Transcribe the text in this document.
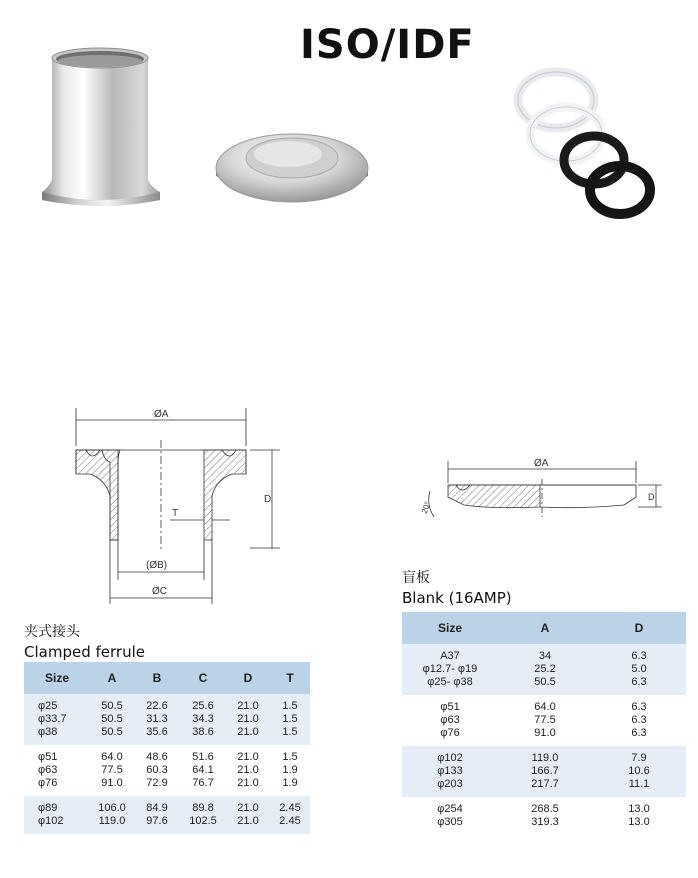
ISO/IDF
ØA
D
T
(ØB)
ØC
ØA
D
20°
夹式接头
Clamped ferrule
盲板
Blank (16AMP)
Size	A	B	C	D	T

φ25	50.5	22.6	25.6	21.0	1.5
φ33.7	50.5	31.3	34.3	21.0	1.5
φ38	50.5	35.6	38.6	21.0	1.5

φ51	64.0	48.6	51.6	21.0	1.5
φ63	77.5	60.3	64.1	21.0	1.9
φ76	91.0	72.9	76.7	21.0	1.9

φ89	106.0	84.9	89.8	21.0	2.45
φ102	119.0	97.6	102.5	21.0	2.45

Size	A	D

A37	34	6.3
φ12.7- φ19	25.2	5.0
φ25- φ38	50.5	6.3

φ51	64.0	6.3
φ63	77.5	6.3
φ76	91.0	6.3

φ102	119.0	7.9
φ133	166.7	10.6
φ203	217.7	11.1

φ254	268.5	13.0
φ305	319.3	13.0
